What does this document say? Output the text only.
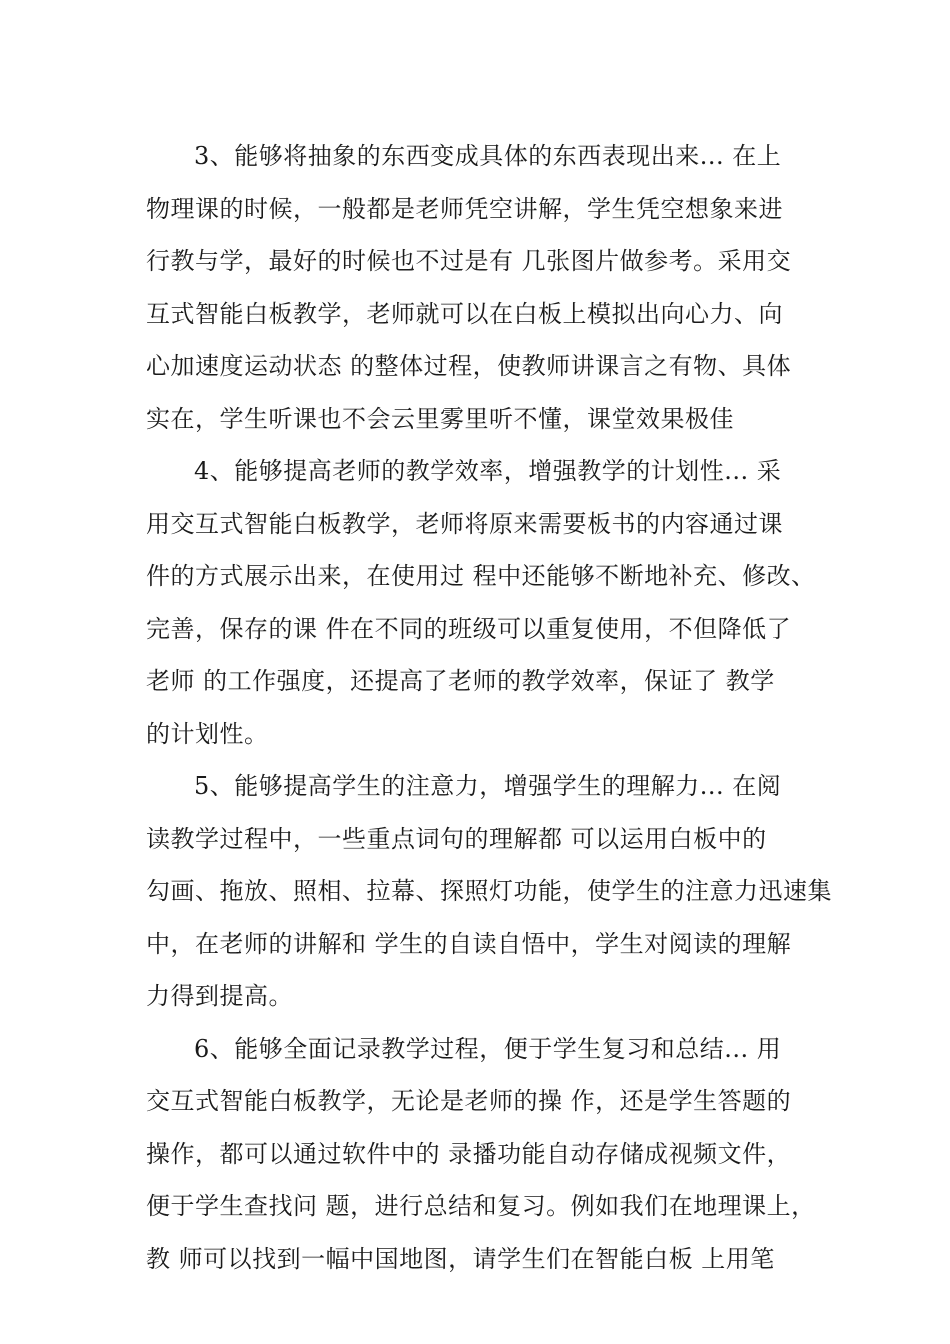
3、能够将抽象的东西变成具体的东西表现出来... 在上
物理课的时候，一般都是老师凭空讲解，学生凭空想象来进
行教与学，最好的时候也不过是有 几张图片做参考。采用交
互式智能白板教学，老师就可以在白板上模拟出向心力、向
心加速度运动状态 的整体过程，使教师讲课言之有物、具体
实在，学生听课也不会云里雾里听不懂，课堂效果极佳
4、能够提高老师的教学效率，增强教学的计划性... 采
用交互式智能白板教学，老师将原来需要板书的内容通过课
件的方式展示出来，在使用过 程中还能够不断地补充、修改、
完善，保存的课 件在不同的班级可以重复使用，不但降低了
老师 的工作强度，还提高了老师的教学效率，保证了 教学
的计划性。
5、能够提高学生的注意力，增强学生的理解力... 在阅
读教学过程中，一些重点词句的理解都 可以运用白板中的
勾画、拖放、照相、拉幕、探照灯功能，使学生的注意力迅速集
中，在老师的讲解和 学生的自读自悟中，学生对阅读的理解
力得到提高。
6、能够全面记录教学过程，便于学生复习和总结... 用
交互式智能白板教学，无论是老师的操 作，还是学生答题的
操作，都可以通过软件中的 录播功能自动存储成视频文件，
便于学生查找问 题，进行总结和复习。例如我们在地理课上，
教 师可以找到一幅中国地图，请学生们在智能白板 上用笔
